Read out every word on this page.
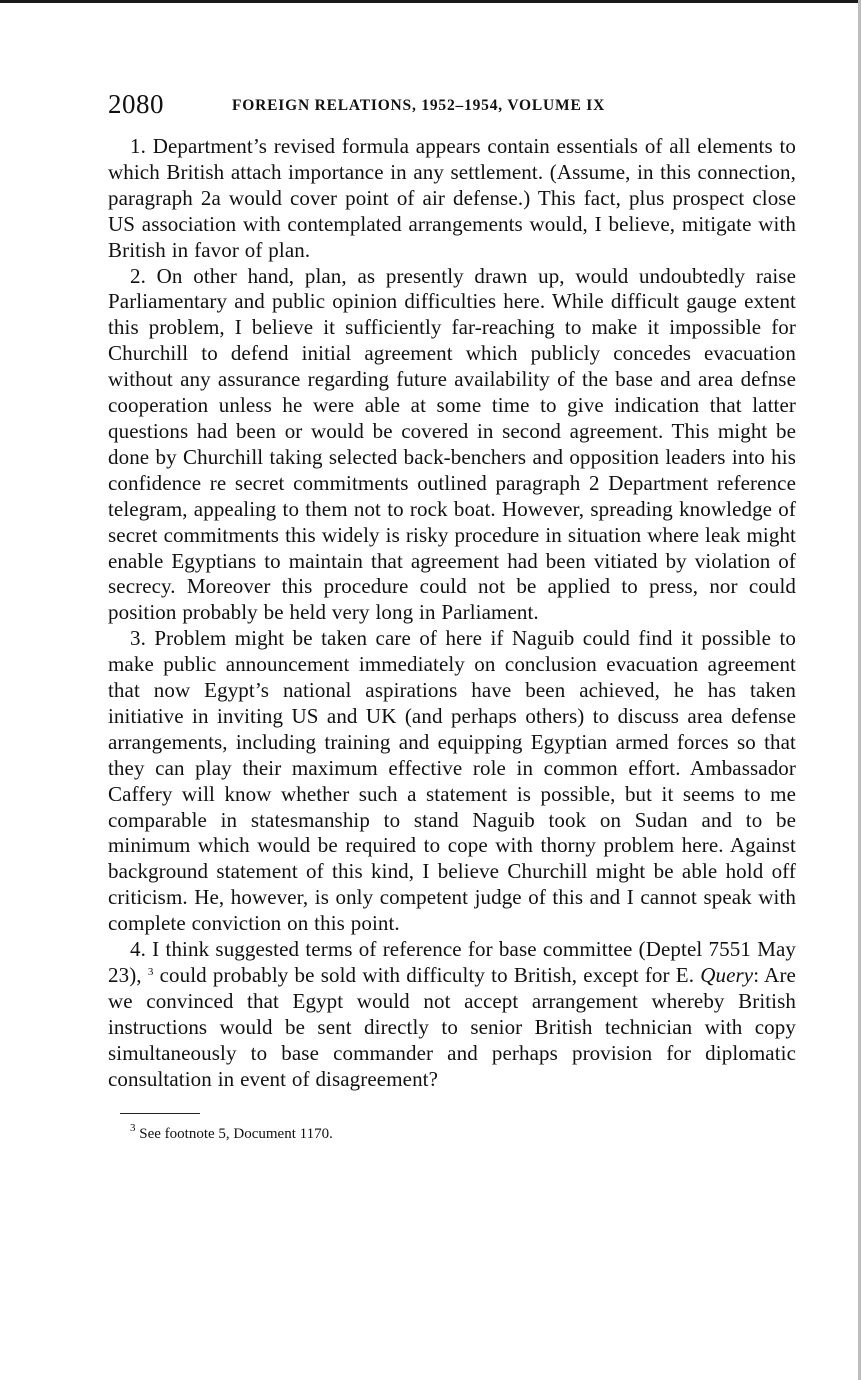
2080	FOREIGN RELATIONS, 1952–1954, VOLUME IX

1. Department’s revised formula appears contain essentials of all elements to which British attach importance in any settlement. (Assume, in this connection, paragraph 2a would cover point of air defense.) This fact, plus prospect close US association with contemplated arrangements would, I believe, mitigate with British in favor of plan.

2. On other hand, plan, as presently drawn up, would undoubtedly raise Parliamentary and public opinion difficulties here. While difficult gauge extent this problem, I believe it sufficiently far-reaching to make it impossible for Churchill to defend initial agreement which publicly concedes evacuation without any assurance regarding future availability of the base and area defnse cooperation unless he were able at some time to give indication that latter questions had been or would be covered in second agreement. This might be done by Churchill taking selected back-benchers and opposition leaders into his confidence re secret commitments outlined paragraph 2 Department reference telegram, appealing to them not to rock boat. However, spreading knowledge of secret commitments this widely is risky procedure in situation where leak might enable Egyptians to maintain that agreement had been vitiated by violation of secrecy. Moreover this procedure could not be applied to press, nor could position probably be held very long in Parliament.

3. Problem might be taken care of here if Naguib could find it possible to make public announcement immediately on conclusion evacuation agreement that now Egypt’s national aspirations have been achieved, he has taken initiative in inviting US and UK (and perhaps others) to discuss area defense arrangements, including training and equipping Egyptian armed forces so that they can play their maximum effective role in common effort. Ambassador Caffery will know whether such a statement is possible, but it seems to me comparable in statesmanship to stand Naguib took on Sudan and to be minimum which would be required to cope with thorny problem here. Against background statement of this kind, I believe Churchill might be able hold off criticism. He, however, is only competent judge of this and I cannot speak with complete conviction on this point.

4. I think suggested terms of reference for base committee (Deptel 7551 May 23), $^3$ could probably be sold with difficulty to British, except for E. Query: Are we convinced that Egypt would not accept arrangement whereby British instructions would be sent directly to senior British technician with copy simultaneously to base commander and perhaps provision for diplomatic consultation in event of disagreement?

$^3$ See footnote 5, Document 1170.
